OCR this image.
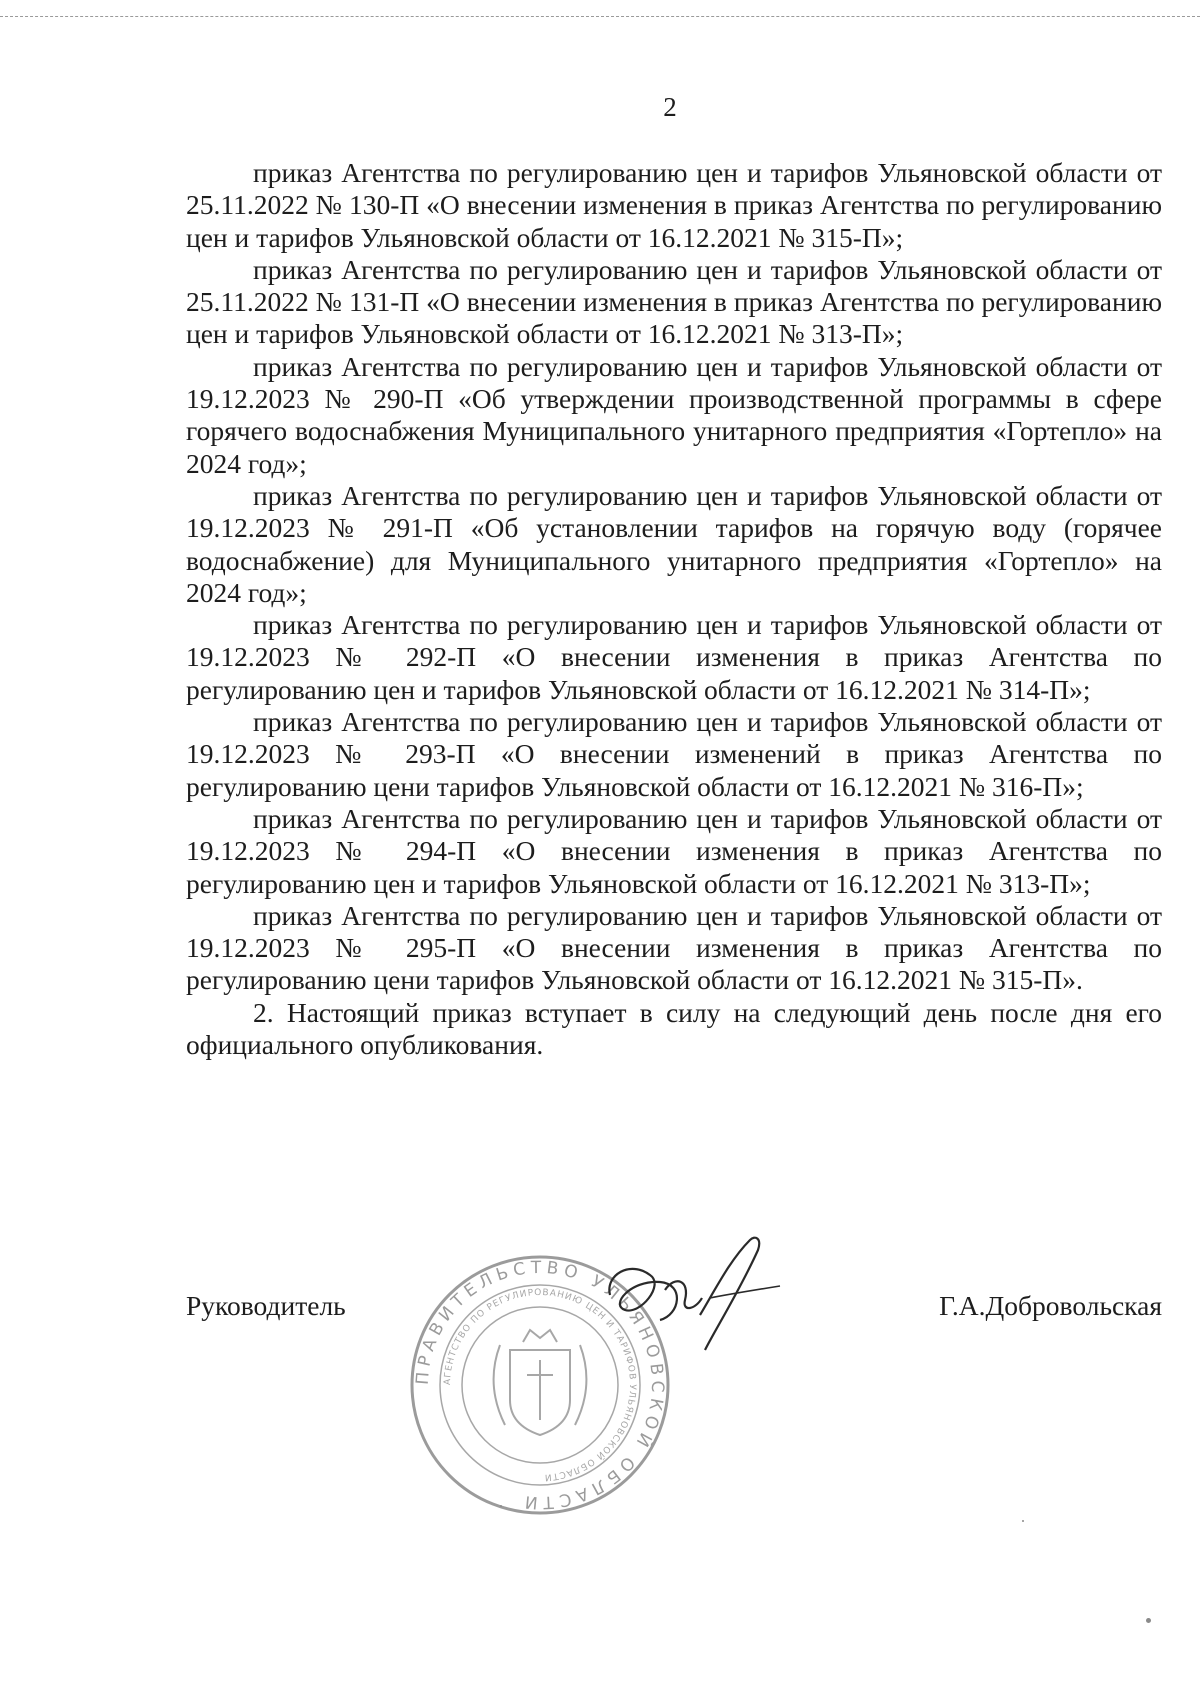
2

приказ Агентства по регулированию цен и тарифов Ульяновской области от 25.11.2022 № 130-П «О внесении изменения в приказ Агентства по регулированию цен и тарифов Ульяновской области от 16.12.2021 № 315-П»;

приказ Агентства по регулированию цен и тарифов Ульяновской области от 25.11.2022 № 131-П «О внесении изменения в приказ Агентства по регулированию цен и тарифов Ульяновской области от 16.12.2021 № 313-П»;

приказ Агентства по регулированию цен и тарифов Ульяновской области от 19.12.2023 № 290-П «Об утверждении производственной программы в сфере горячего водоснабжения Муниципального унитарного предприятия «Гортепло» на 2024 год»;

приказ Агентства по регулированию цен и тарифов Ульяновской области от 19.12.2023 № 291-П «Об установлении тарифов на горячую воду (горячее водоснабжение) для Муниципального унитарного предприятия «Гортепло» на 2024 год»;

приказ Агентства по регулированию цен и тарифов Ульяновской области от 19.12.2023 № 292-П «О внесении изменения в приказ Агентства по регулированию цен и тарифов Ульяновской области от 16.12.2021 № 314-П»;

приказ Агентства по регулированию цен и тарифов Ульяновской области от 19.12.2023 № 293-П «О внесении изменений в приказ Агентства по регулированию цени тарифов Ульяновской области от 16.12.2021 № 316-П»;

приказ Агентства по регулированию цен и тарифов Ульяновской области от 19.12.2023 № 294-П «О внесении изменения в приказ Агентства по регулированию цен и тарифов Ульяновской области от 16.12.2021 № 313-П»;

приказ Агентства по регулированию цен и тарифов Ульяновской области от 19.12.2023 № 295-П «О внесении изменения в приказ Агентства по регулированию цени тарифов Ульяновской области от 16.12.2021 № 315-П».

2. Настоящий приказ вступает в силу на следующий день после дня его официального опубликования.

Руководитель	Г.А.Добровольская
ПРАВИТЕЛЬСТВО УЛЬЯНОВСКОЙ ОБЛАСТИ
АГЕНТСТВО ПО РЕГУЛИРОВАНИЮ ЦЕН И ТАРИФОВ УЛЬЯНОВСКОЙ ОБЛАСТИ
